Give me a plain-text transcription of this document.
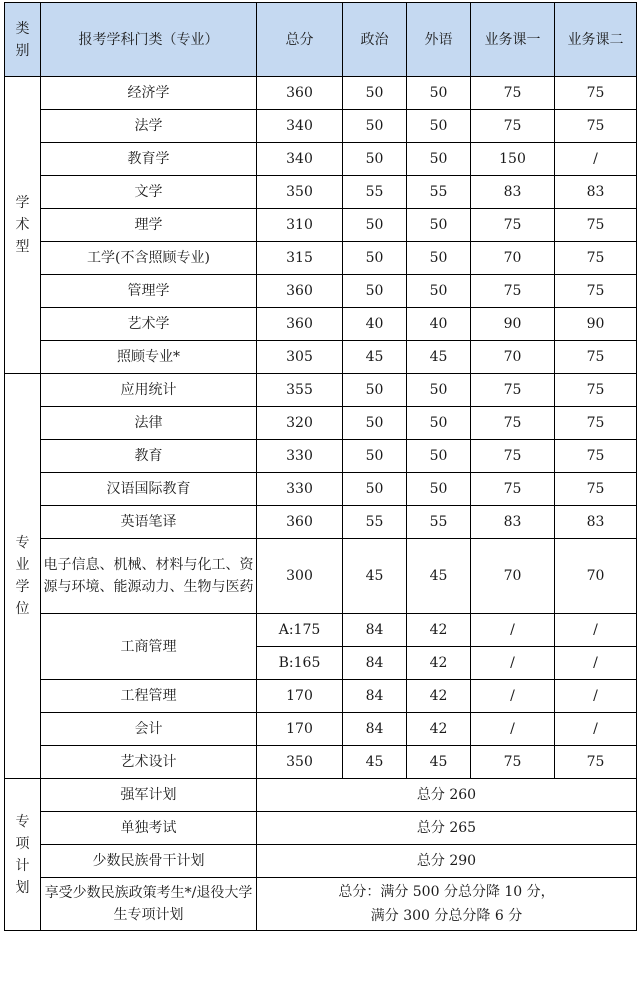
类
别	报考学科门类（专业）	总分	政治	外语	业务课一	业务课二

学
术
型	经济学	360	50	50	75	75
	法学	340	50	50	75	75
	教育学	340	50	50	150	/
	文学	350	55	55	83	83
	理学	310	50	50	75	75
	工学(不含照顾专业)	315	50	50	70	75
	管理学	360	50	50	75	75
	艺术学	360	40	40	90	90
	照顾专业*	305	45	45	70	75

专
业
学
位	应用统计	355	50	50	75	75
	法律	320	50	50	75	75
	教育	330	50	50	75	75
	汉语国际教育	330	50	50	75	75
	英语笔译	360	55	55	83	83
	电子信息、机械、材料与化工、资源与环境、能源动力、生物与医药	300	45	45	70	70
	工商管理	A:175	84	42	/	/
		B:165	84	42	/	/
	工程管理	170	84	42	/	/
	会计	170	84	42	/	/
	艺术设计	350	45	45	75	75

专
项
计
划	强军计划	总分 260				
	单独考试	总分 265				
	少数民族骨干计划	总分 290				
	享受少数民族政策考生*/退役大学生专项计划	总分：满分 500 分总分降 10 分，
满分 300 分总分降 6 分				
